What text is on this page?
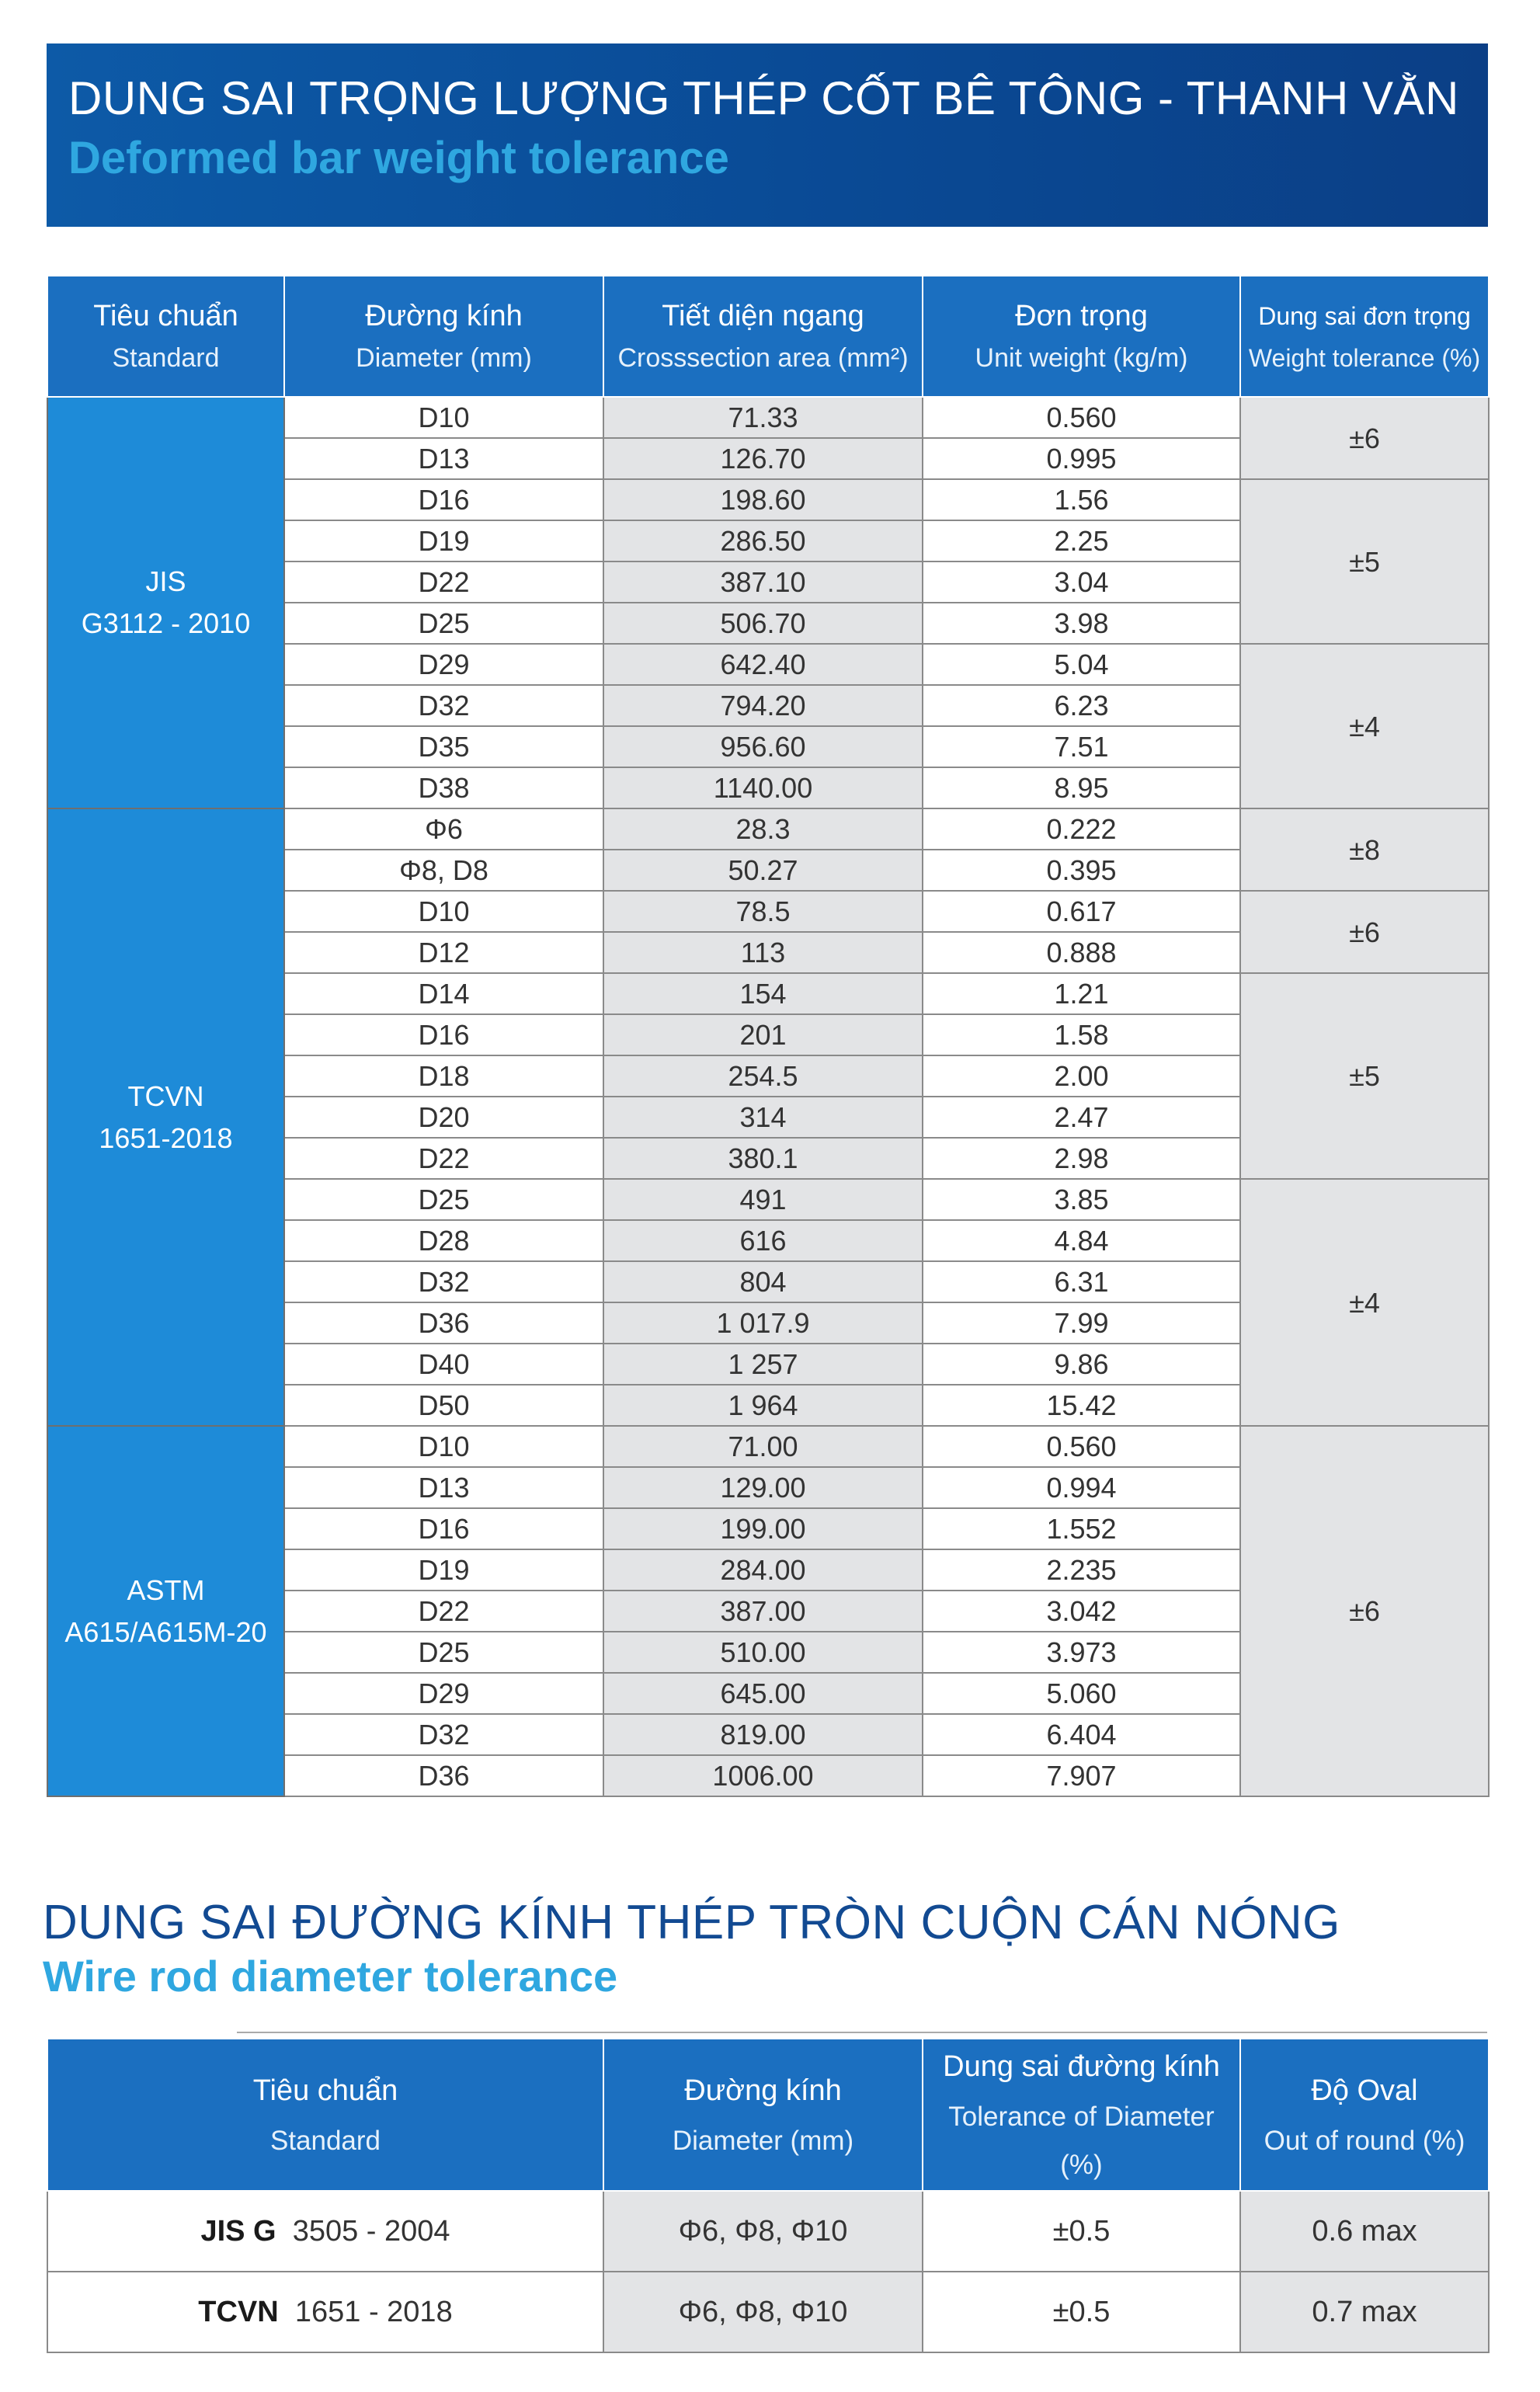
DUNG SAI TRỌNG LƯỢNG THÉP CỐT BÊ TÔNG - THANH VẰN
Deformed bar weight tolerance
Tiêu chuẩn
Standard	Đường kính
Diameter (mm)	Tiết diện ngang
Crosssection area (mm²)	Đơn trọng
Unit weight (kg/m)	Dung sai đơn trọng
Weight tolerance (%)

JIS
G3112 - 2010	D10	71.33	0.560	±6
	D13	126.70	0.995	
	D16	198.60	1.56	±5
	D19	286.50	2.25	
	D22	387.10	3.04	
	D25	506.70	3.98	
	D29	642.40	5.04	±4
	D32	794.20	6.23	
	D35	956.60	7.51	
	D38	1140.00	8.95	
TCVN
1651-2018	Φ6	28.3	0.222	±8
	Φ8, D8	50.27	0.395	
	D10	78.5	0.617	±6
	D12	113	0.888	
	D14	154	1.21	±5
	D16	201	1.58	
	D18	254.5	2.00	
	D20	314	2.47	
	D22	380.1	2.98	
	D25	491	3.85	±4
	D28	616	4.84	
	D32	804	6.31	
	D36	1 017.9	7.99	
	D40	1 257	9.86	
	D50	1 964	15.42	
ASTM
A615/A615M-20	D10	71.00	0.560	±6
	D13	129.00	0.994	
	D16	199.00	1.552	
	D19	284.00	2.235	
	D22	387.00	3.042	
	D25	510.00	3.973	
	D29	645.00	5.060	
	D32	819.00	6.404	
	D36	1006.00	7.907	
DUNG SAI ĐƯỜNG KÍNH THÉP TRÒN CUỘN CÁN NÓNG
Wire rod diameter tolerance
Tiêu chuẩn
Standard	Đường kính
Diameter (mm)	Dung sai đường kính
Tolerance of Diameter (%)	Độ Oval
Out of round (%)

JIS G 3505 - 2004	Φ6, Φ8, Φ10	±0.5	0.6 max
TCVN 1651 - 2018	Φ6, Φ8, Φ10	±0.5	0.7 max
